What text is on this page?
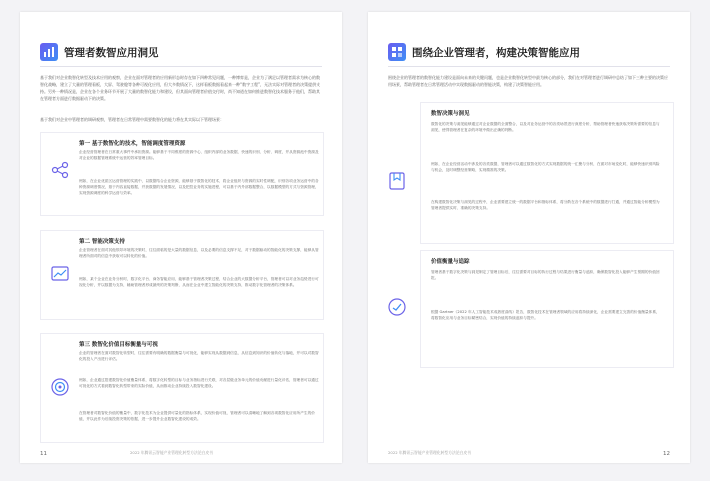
管理者数智应用洞见
基于我们对企业数智化转型及技术应用的观察，企业在面对管理者的应用新形态时存在如下四种常见问题，一种博弈是，企业为了满足以管理者需求为核心的数智化战略，建立了大量的管理看板，大屏、驾驶舱等各种可视化应用，但大多数情况下，这样看板数据看起来一种“数字工程”，无法实际对管理者的决策提供支持。另外一种情况是，企业在各个业务环节开展了大量的数智化能力和建设，但其面向管理者价值交付时，尚不知道在如何推进数智化技术服务于他们，帮助其在管理者方面进行数据驱动下的决策。
基于我们对企业中管理者的调研观察，管理者在日常管理中需要数智化的能力将在其实际以下管理场景：
第一 基于数智化的技术，智能调度管理资源
企业经营管理者在日常重大事件中承担资源。能够基于不同维度的资源中心、组织内部的业务数据，快速的识别、分析、调度，并从资源池中资源及对企业的数据管理系统中运营的效率管理目标。
例如，在企业优质区运营管理的实践中，以数据结合企业资源，能够基于数智化的技术，将企业组织与资源的实时性调配，识别各项业务运营中的各种资源调度情况，基于内容直接数据，并获数据的发展情况，以及把控业务的实施进程，可以基于内外部数据整合，以数据模型的方式与资源管理，实现资源调度的科学运营与效率。
第二 智能决策支持
企业管理者在面对其他领导环境的决策时，往往面临的是大量的数据信息，以及必要的信息支撑不足，对于数据驱动的智能化的决策支撑，能够从管理者所面对的信息中获取可以转化的价值。
例如，某个企业在业务分析时，数字化平台、商务智能应用，能够基于管理者决策过程，结合企业的大数据分析平台，管理者可以对业务趋势进行可视化分析，并以数据为支持，辅助管理者形成最终的决策判断，从而在企业中建立智能化的决策支持，推动数字化管理者的决策体系。
第三 数智化价值目标衡量与可视
企业的管理者在面对数智化转型时，往往需要有明确的数据衡量与可视化，能够实现从数据到信息，从信息到知识的价值转化与落地，并可以对数智化的投入产出进行评估。
例如，企业通过搭建数智化价值衡量体系，将数字化转型的目标与业务指标进行关联，对各层级业务单元的价值贡献进行量化评估，管理者可以通过可视化的方式看到数智化转型带来的实际价值，从而推动企业持续投入数智化建设。
在管理者对数智化价值的衡量中，数字化技术为企业提供可量化的指标体系，实现价值可视，管理者可以清晰地了解到各项数智化应用所产生的价值，并以此作为后续投资决策的依据，进一步提升企业数智化建设的成效。
11	2022 年腾讯云智能产业管理化转型方法论白皮书
围绕企业管理者，构建决策智能应用
围绕企业的管理者的数智化能力建设是面向未来的关键问题，也是企业数智化转型中最为核心的部分，我们在对管理者进行调研中总结了如下三种主要的决策应用场景，帮助管理者在日常管理活动中实现数据驱动的智能决策，构建了决策智能应用。
数智决策与洞见
数智化的决策与洞见能够通过对企业数据的全面整合，以及对业务运营中的各类场景进行深度分析，帮助管理者快速获取决策所需要的信息与洞见，使得管理者在复杂的环境中做出正确的判断。
例如，在企业经营活动中涉及的各类数据，管理者可以通过数智化的方式实现数据的统一汇聚与分析，在面对市场变化时，能够快速识别风险与机会，及时调整经营策略，实现精准的决策。
在构建数智化决策与洞见的过程中，企业需要建立统一的数据平台和指标体系，将分散在各个系统中的数据进行打通，并通过智能分析模型为管理者提供实时、准确的决策支持。
价值衡量与追踪
管理者基于数字化决策与洞见制定了管理目标后，往往需要对目标的执行过程与结果进行衡量与追踪，确保数智化投入能够产生预期的价值回报。
根据 Gartner《2022 年人工智能技术成熟度曲线》报告，数智化技术在管理者领域的应用将持续深化，企业需要建立完善的价值衡量体系，将数智化应用与业务目标紧密结合，实现价值的持续追踪与提升。
2022 年腾讯云智能产业管理化转型方法论白皮书	12
